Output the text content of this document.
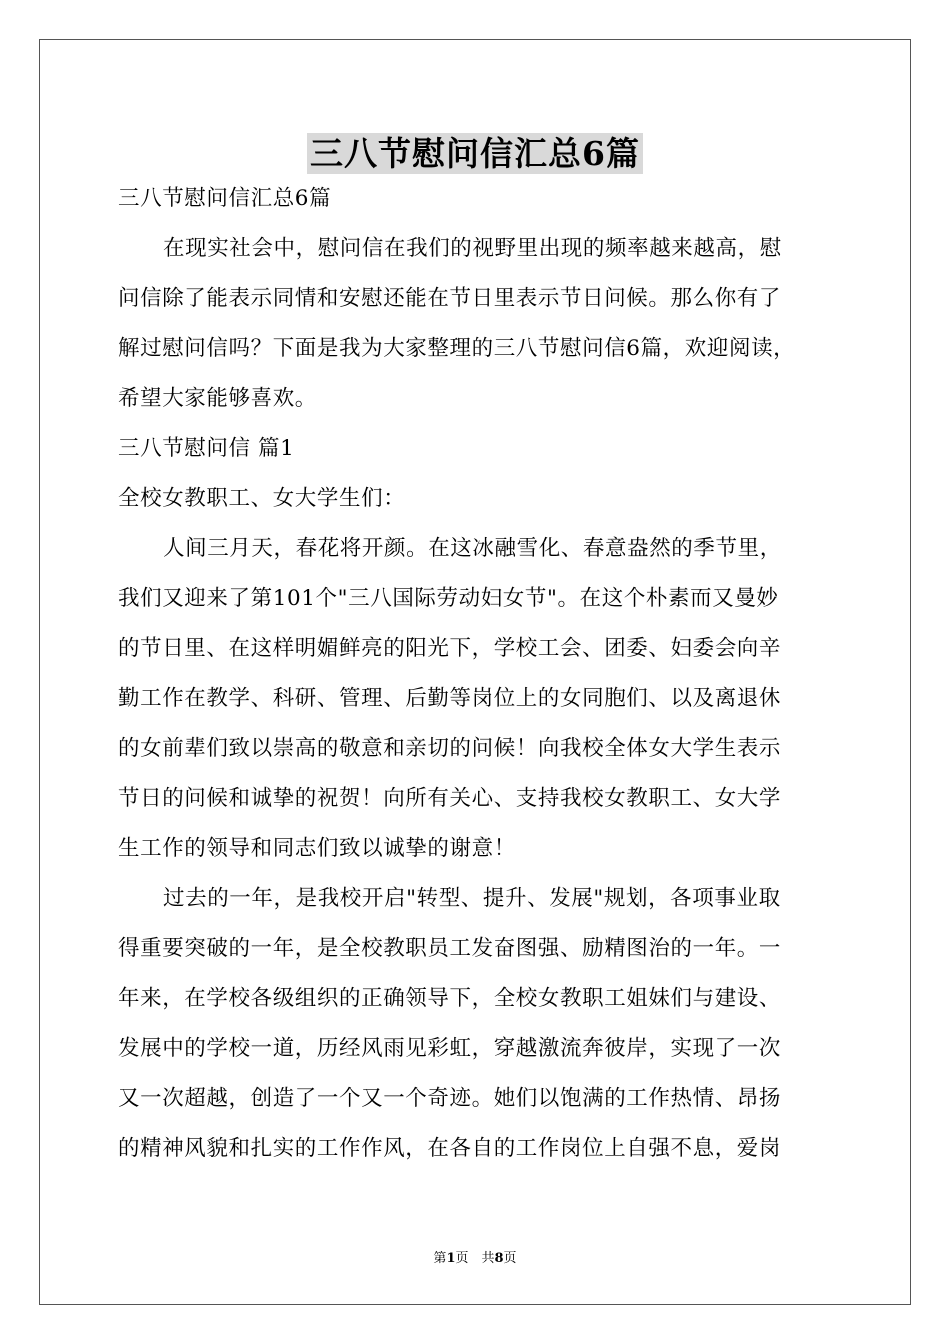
三八节慰问信汇总6篇
三八节慰问信汇总6篇
在现实社会中，慰问信在我们的视野里出现的频率越来越高，慰
问信除了能表示同情和安慰还能在节日里表示节日问候。那么你有了
解过慰问信吗？下面是我为大家整理的三八节慰问信6篇，欢迎阅读，
希望大家能够喜欢。
三八节慰问信 篇1
全校女教职工、女大学生们：
人间三月天，春花将开颜。在这冰融雪化、春意盎然的季节里，
我们又迎来了第101个"三八国际劳动妇女节"。在这个朴素而又曼妙
的节日里、在这样明媚鲜亮的阳光下，学校工会、团委、妇委会向辛
勤工作在教学、科研、管理、后勤等岗位上的女同胞们、以及离退休
的女前辈们致以崇高的敬意和亲切的问候！向我校全体女大学生表示
节日的问候和诚挚的祝贺！向所有关心、支持我校女教职工、女大学
生工作的领导和同志们致以诚挚的谢意！
过去的一年，是我校开启"转型、提升、发展"规划，各项事业取
得重要突破的一年，是全校教职员工发奋图强、励精图治的一年。一
年来，在学校各级组织的正确领导下，全校女教职工姐妹们与建设、
发展中的学校一道，历经风雨见彩虹，穿越激流奔彼岸，实现了一次
又一次超越，创造了一个又一个奇迹。她们以饱满的工作热情、昂扬
的精神风貌和扎实的工作作风，在各自的工作岗位上自强不息，爱岗
第1页　共8页
